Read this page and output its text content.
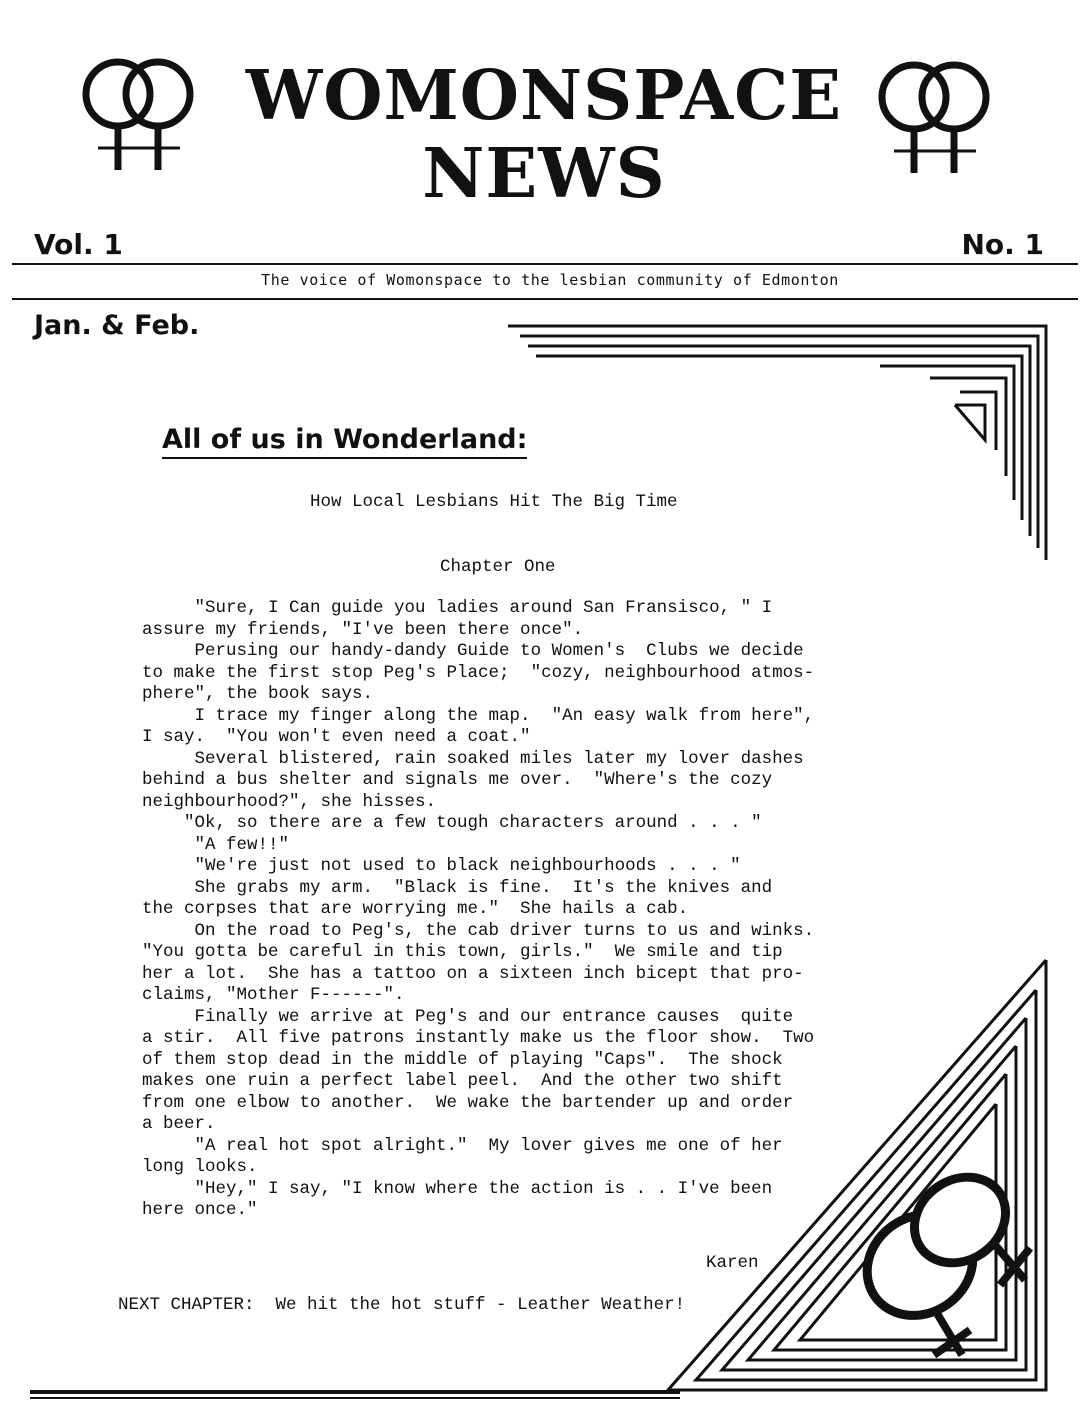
WOMONSPACE
NEWS
Vol. 1	No. 1
The voice of Womonspace to the lesbian community of Edmonton
Jan. & Feb.
All of us in Wonderland:
How Local Lesbians Hit The Big Time
Chapter One
"Sure, I Can guide you ladies around San Fransisco, " I
assure my friends, "I've been there once".
Perusing our handy-dandy Guide to Women's  Clubs we decide
to make the first stop Peg's Place;  "cozy, neighbourhood atmos-
phere", the book says.
I trace my finger along the map.  "An easy walk from here",
I say.  "You won't even need a coat."
Several blistered, rain soaked miles later my lover dashes
behind a bus shelter and signals me over.  "Where's the cozy
neighbourhood?", she hisses.
"Ok, so there are a few tough characters around . . . "
"A few!!"
"We're just not used to black neighbourhoods . . . "
She grabs my arm.  "Black is fine.  It's the knives and
the corpses that are worrying me."  She hails a cab.
On the road to Peg's, the cab driver turns to us and winks.
"You gotta be careful in this town, girls."  We smile and tip
her a lot.  She has a tattoo on a sixteen inch bicept that pro-
claims, "Mother F------".
Finally we arrive at Peg's and our entrance causes  quite
a stir.  All five patrons instantly make us the floor show.  Two
of them stop dead in the middle of playing "Caps".  The shock
makes one ruin a perfect label peel.  And the other two shift
from one elbow to another.  We wake the bartender up and order
a beer.
"A real hot spot alright."  My lover gives me one of her
long looks.
"Hey," I say, "I know where the action is . . I've been
here once."
Karen
NEXT CHAPTER:  We hit the hot stuff - Leather Weather!
